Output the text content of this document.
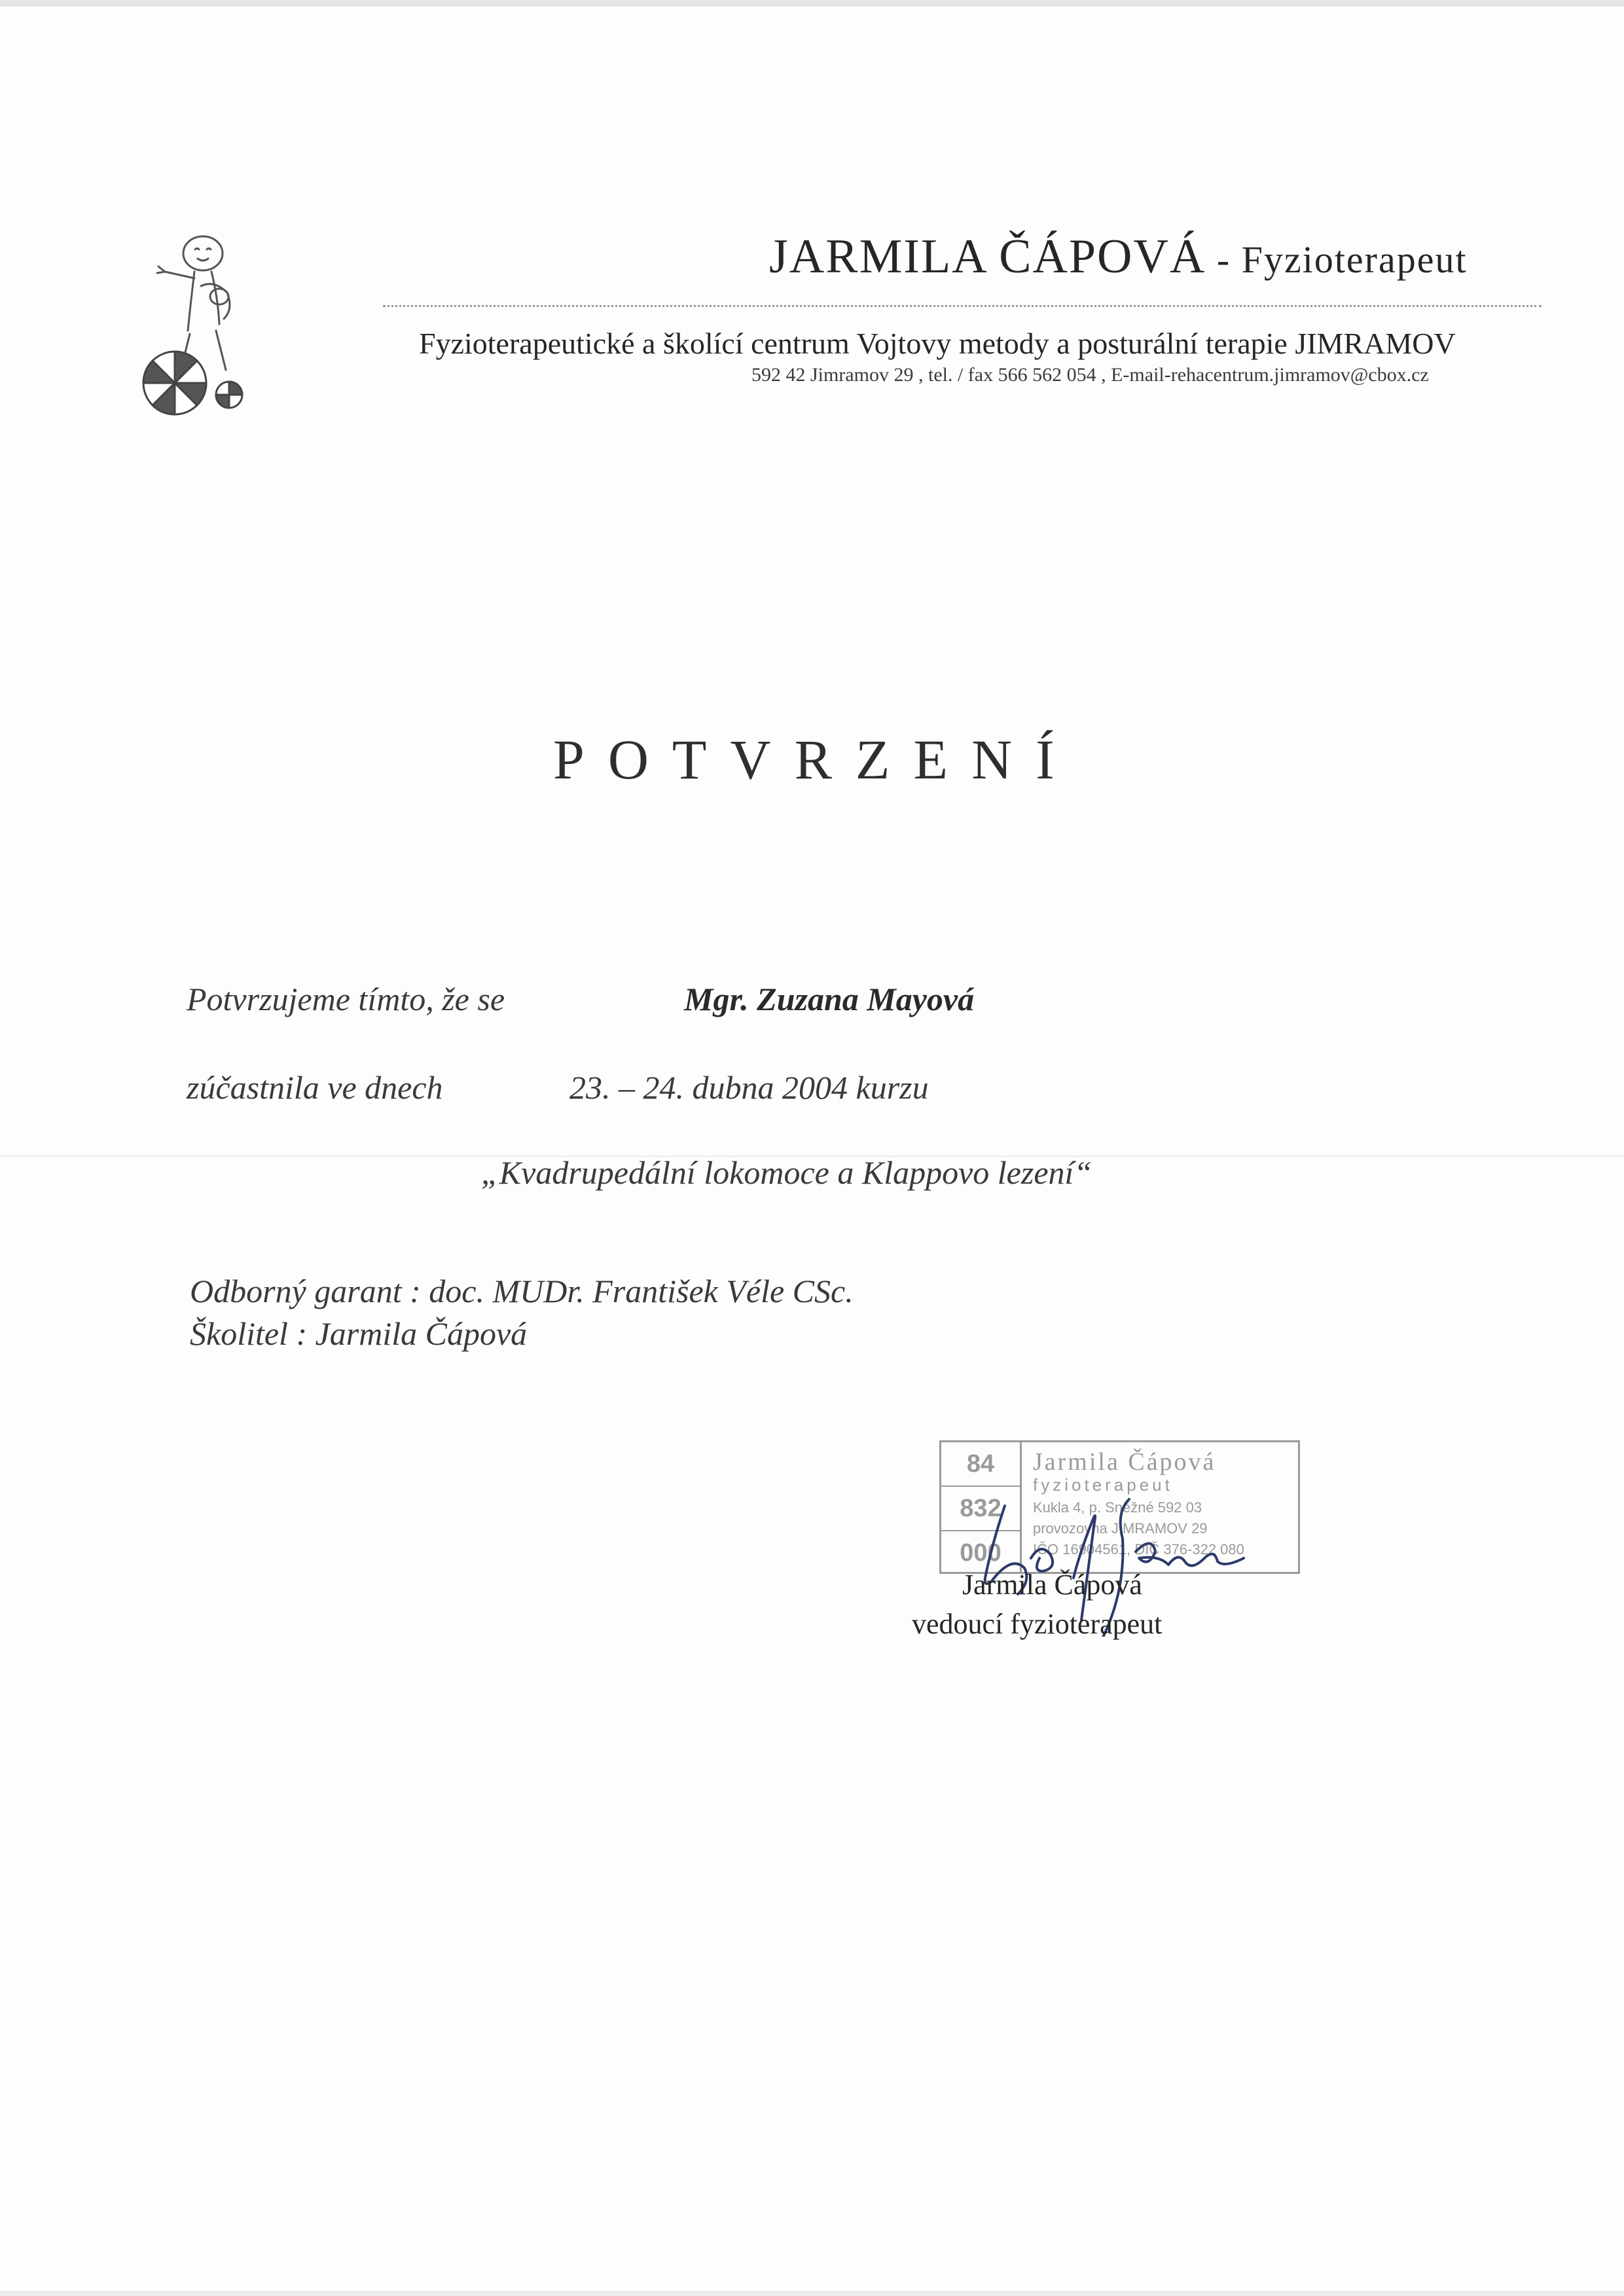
JARMILA ČÁPOVÁ - Fyzioterapeut
Fyzioterapeutické a školící centrum Vojtovy metody a posturální terapie JIMRAMOV
592 42 Jimramov 29 , tel. / fax 566 562 054 , E-mail-rehacentrum.jimramov@cbox.cz
POTVRZENÍ
Potvrzujeme tímto, že se	Mgr. Zuzana Mayová
zúčastnila ve dnech	23. – 24. dubna 2004 kurzu
„Kvadrupedální lokomoce a Klappovo lezení“
Odborný garant : doc. MUDr. František Véle CSc.
Školitel : Jarmila Čápová
84
832
000
Jarmila Čápová
fyzioterapeut
Kukla 4, p. Sněžné 592 03
provozovna JIMRAMOV 29
IČO 16904561, DIČ 376-322 080
Jarmila Čápová
vedoucí fyzioterapeut
